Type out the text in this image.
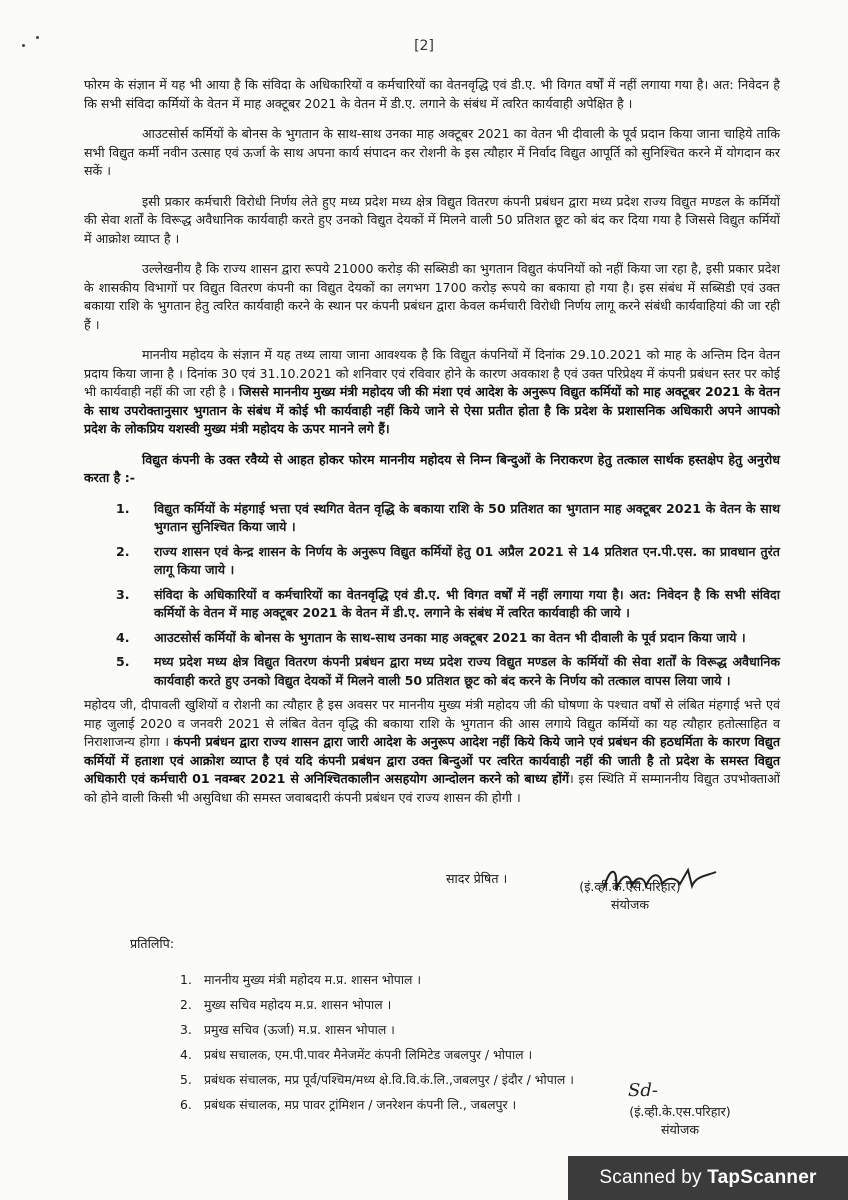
[2]

फोरम के संज्ञान में यह भी आया है कि संविदा के अधिकारियों व कर्मचारियों का वेतनवृद्धि एवं डी.ए. भी विगत वर्षों में नहीं लगाया गया है। अत: निवेदन है कि सभी संविदा कर्मियों के वेतन में माह अक्टूबर 2021 के वेतन में डी.ए. लगाने के संबंध में त्वरित कार्यवाही अपेक्षित है ।

आउटसोर्स कर्मियों के बोनस के भुगतान के साथ-साथ उनका माह अक्टूबर 2021 का वेतन भी दीवाली के पूर्व प्रदान किया जाना चाहिये ताकि सभी विद्युत कर्मी नवीन उत्साह एवं ऊर्जा के साथ अपना कार्य संपादन कर रोशनी के इस त्यौहार में निर्वाद विद्युत आपूर्ति को सुनिश्चित करने में योगदान कर सकें ।

इसी प्रकार कर्मचारी विरोधी निर्णय लेते हुए मध्य प्रदेश मध्य क्षेत्र विद्युत वितरण कंपनी प्रबंधन द्वारा मध्य प्रदेश राज्य विद्युत मण्डल के कर्मियों की सेवा शर्तों के विरूद्ध अवैधानिक कार्यवाही करते हुए उनको विद्युत देयकों में मिलने वाली 50 प्रतिशत छूट को बंद कर दिया गया है जिससे विद्युत कर्मियों में आक्रोश व्याप्त है ।

उल्लेखनीय है कि राज्य शासन द्वारा रूपये 21000 करोड़ की सब्सिडी का भुगतान विद्युत कंपनियों को नहीं किया जा रहा है, इसी प्रकार प्रदेश के शासकीय विभागों पर विद्युत वितरण कंपनी का विद्युत देयकों का लगभग 1700 करोड़ रूपये का बकाया हो गया है। इस संबंध में सब्सिडी एवं उक्त बकाया राशि के भुगतान हेतु त्वरित कार्यवाही करने के स्थान पर कंपनी प्रबंधन द्वारा केवल कर्मचारी विरोधी निर्णय लागू करने संबंधी कार्यवाहियां की जा रही हैं ।

माननीय महोदय के संज्ञान में यह तथ्य लाया जाना आवश्यक है कि विद्युत कंपनियों में दिनांक 29.10.2021 को माह के अन्तिम दिन वेतन प्रदाय किया जाना है । दिनांक 30 एवं 31.10.2021 को शनिवार एवं रविवार होने के कारण अवकाश है एवं उक्त परिप्रेक्ष्य में कंपनी प्रबंधन स्तर पर कोई भी कार्यवाही नहीं की जा रही है । जिससे माननीय मुख्य मंत्री महोदय जी की मंशा एवं आदेश के अनुरूप विद्युत कर्मियों को माह अक्टूबर 2021 के वेतन के साथ उपरोक्तानुसार भुगतान के संबंध में कोई भी कार्यवाही नहीं किये जाने से ऐसा प्रतीत होता है कि प्रदेश के प्रशासनिक अधिकारी अपने आपको प्रदेश के लोकप्रिय यशस्वी मुख्य मंत्री महोदय के ऊपर मानने लगे हैं।

विद्युत कंपनी के उक्त रवैय्ये से आहत होकर फोरम माननीय महोदय से निम्न बिन्दुओं के निराकरण हेतु तत्काल सार्थक हस्तक्षेप हेतु अनुरोध करता है :-

1. विद्युत कर्मियों के मंहगाई भत्ता एवं स्थगित वेतन वृद्धि के बकाया राशि के 50 प्रतिशत का भुगतान माह अक्टूबर 2021 के वेतन के साथ भुगतान सुनिश्चित किया जाये ।
2. राज्य शासन एवं केन्द्र शासन के निर्णय के अनुरूप विद्युत कर्मियों हेतु 01 अप्रैल 2021 से 14 प्रतिशत एन.पी.एस. का प्रावधान तुरंत लागू किया जाये ।
3. संविदा के अधिकारियों व कर्मचारियों का वेतनवृद्धि एवं डी.ए. भी विगत वर्षों में नहीं लगाया गया है। अत: निवेदन है कि सभी संविदा कर्मियों के वेतन में माह अक्टूबर 2021 के वेतन में डी.ए. लगाने के संबंध में त्वरित कार्यवाही की जाये ।
4. आउटसोर्स कर्मियों के बोनस के भुगतान के साथ-साथ उनका माह अक्टूबर 2021 का वेतन भी दीवाली के पूर्व प्रदान किया जाये ।
5. मध्य प्रदेश मध्य क्षेत्र विद्युत वितरण कंपनी प्रबंधन द्वारा मध्य प्रदेश राज्य विद्युत मण्डल के कर्मियों की सेवा शर्तों के विरूद्ध अवैधानिक कार्यवाही करते हुए उनको विद्युत देयकों में मिलने वाली 50 प्रतिशत छूट को बंद करने के निर्णय को तत्काल वापस लिया जाये ।

महोदय जी, दीपावली खुशियों व रोशनी का त्यौहार है इस अवसर पर माननीय मुख्य मंत्री महोदय जी की घोषणा के पश्चात वर्षों से लंबित मंहगाई भत्ते एवं माह जुलाई 2020 व जनवरी 2021 से लंबित वेतन वृद्धि की बकाया राशि के भुगतान की आस लगाये विद्युत कर्मियों का यह त्यौहार हतोत्साहित व निराशाजन्य होगा । कंपनी प्रबंधन द्वारा राज्य शासन द्वारा जारी आदेश के अनुरूप आदेश नहीं किये किये जाने एवं प्रबंधन की हठधर्मिता के कारण विद्युत कर्मियों में हताशा एवं आक्रोश व्याप्त है एवं यदि कंपनी प्रबंधन द्वारा उक्त बिन्दुओं पर त्वरित कार्यवाही नहीं की जाती है तो प्रदेश के समस्त विद्युत अधिकारी एवं कर्मचारी 01 नवम्बर 2021 से अनिश्चितकालीन असहयोग आन्दोलन करने को बाध्य होंगें। इस स्थिति में सम्माननीय विद्युत उपभोक्ताओं को होने वाली किसी भी असुविधा की समस्त जवाबदारी कंपनी प्रबंधन एवं राज्य शासन की होगी ।

सादर प्रेषित ।
(इं.व्ही.के.एस.परिहार)
संयोजक
प्रतिलिपि:
1. माननीय मुख्य मंत्री महोदय म.प्र. शासन भोपाल ।
2. मुख्य सचिव महोदय म.प्र. शासन भोपाल ।
3. प्रमुख सचिव (ऊर्जा) म.प्र. शासन भोपाल ।
4. प्रबंध सचालक, एम.पी.पावर मैनेजमेंट कंपनी लिमिटेड जबलपुर / भोपाल ।
5. प्रबंधक संचालक, मप्र पूर्व/पश्चिम/मध्य क्षे.वि.वि.कं.लि.,जबलपुर / इंदौर / भोपाल ।
6. प्रबंधक संचालक, मप्र पावर ट्रांमिशन / जनरेशन कंपनी लि., जबलपुर ।
Sd-
(इं.व्ही.के.एस.परिहार)
संयोजक
Scanned by TapScanner
